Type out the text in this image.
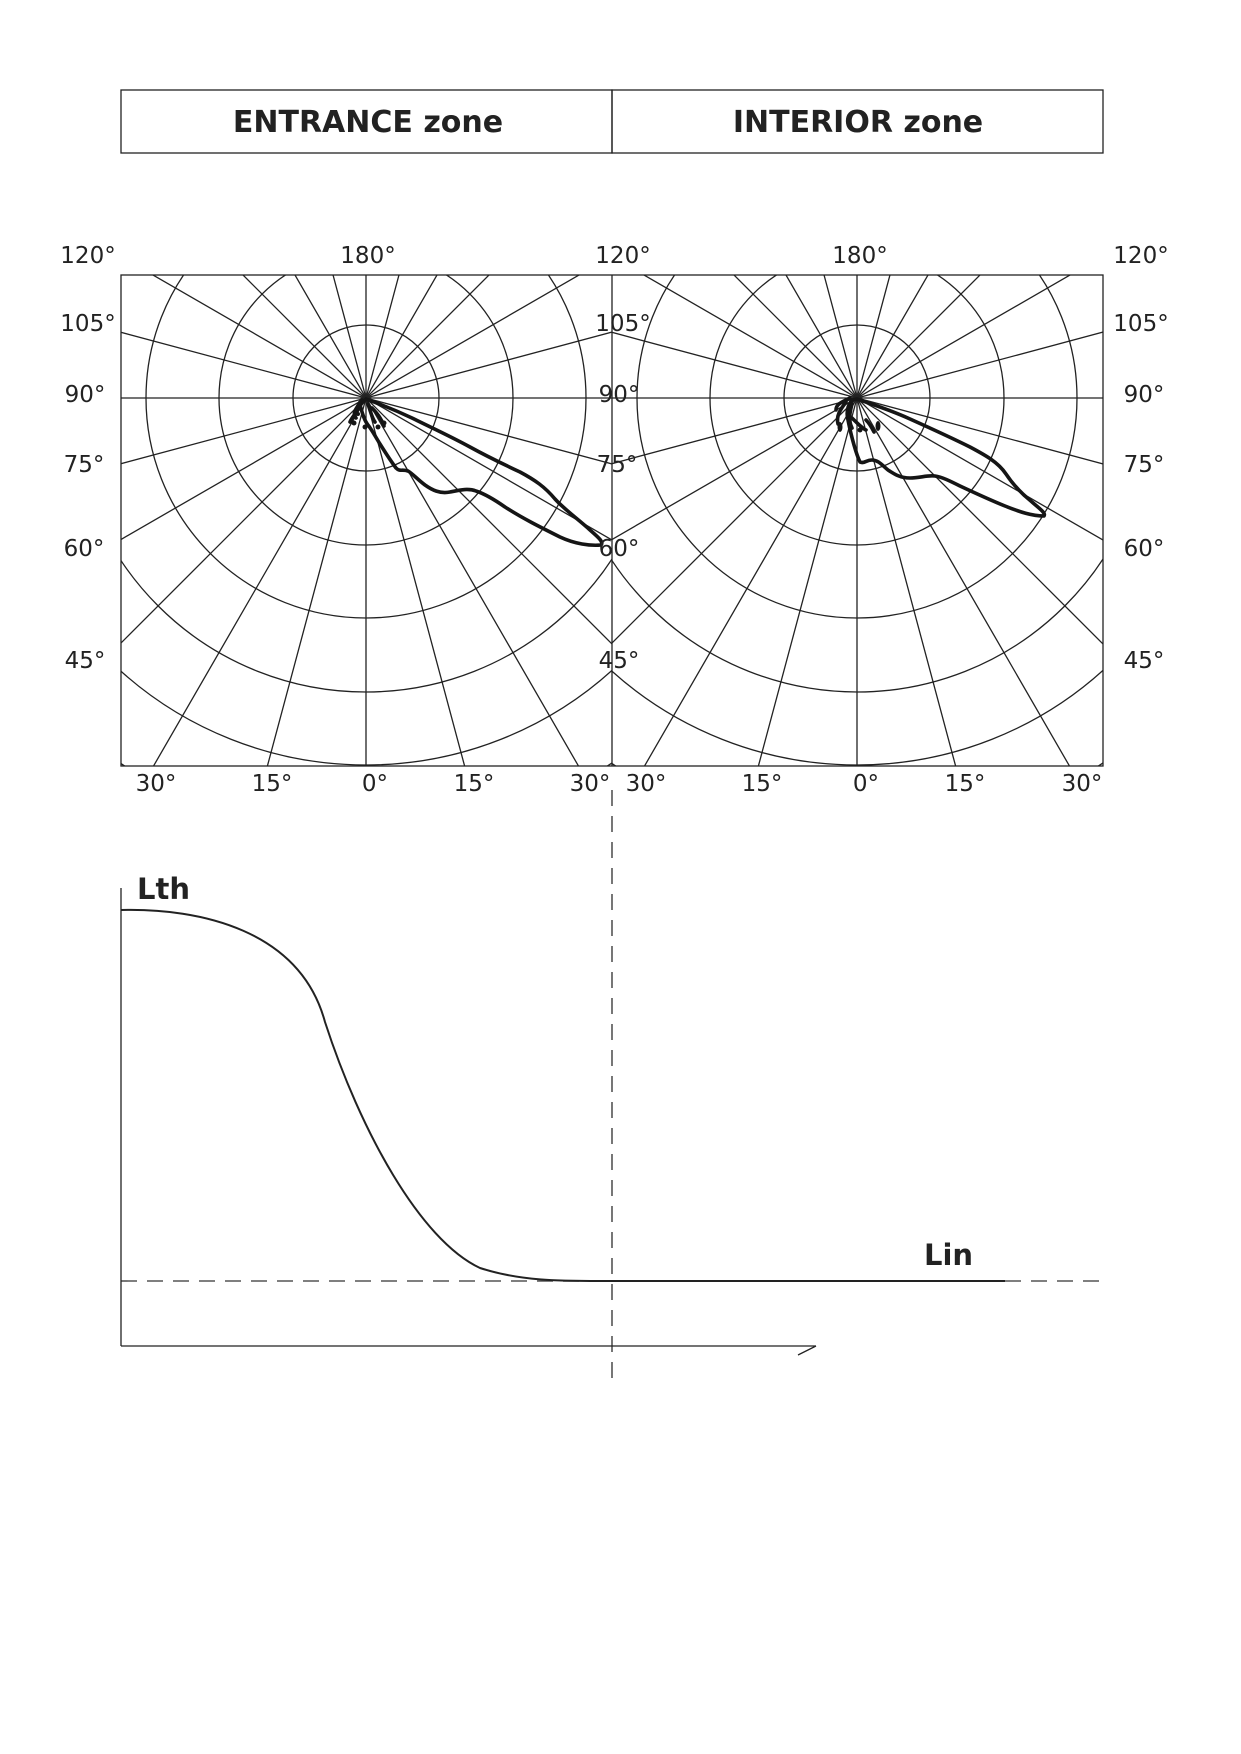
ENTRANCE zone	INTERIOR zone
120°	180°	120°	180°	120°
105°
90°
75°
60°
45°
105°
90°
75°
60°
45°
105°
90°
75°
60°
45°
30°	15°	0°	15°	30° 30°	15°	0°	15°	30°
Lth
Lin
